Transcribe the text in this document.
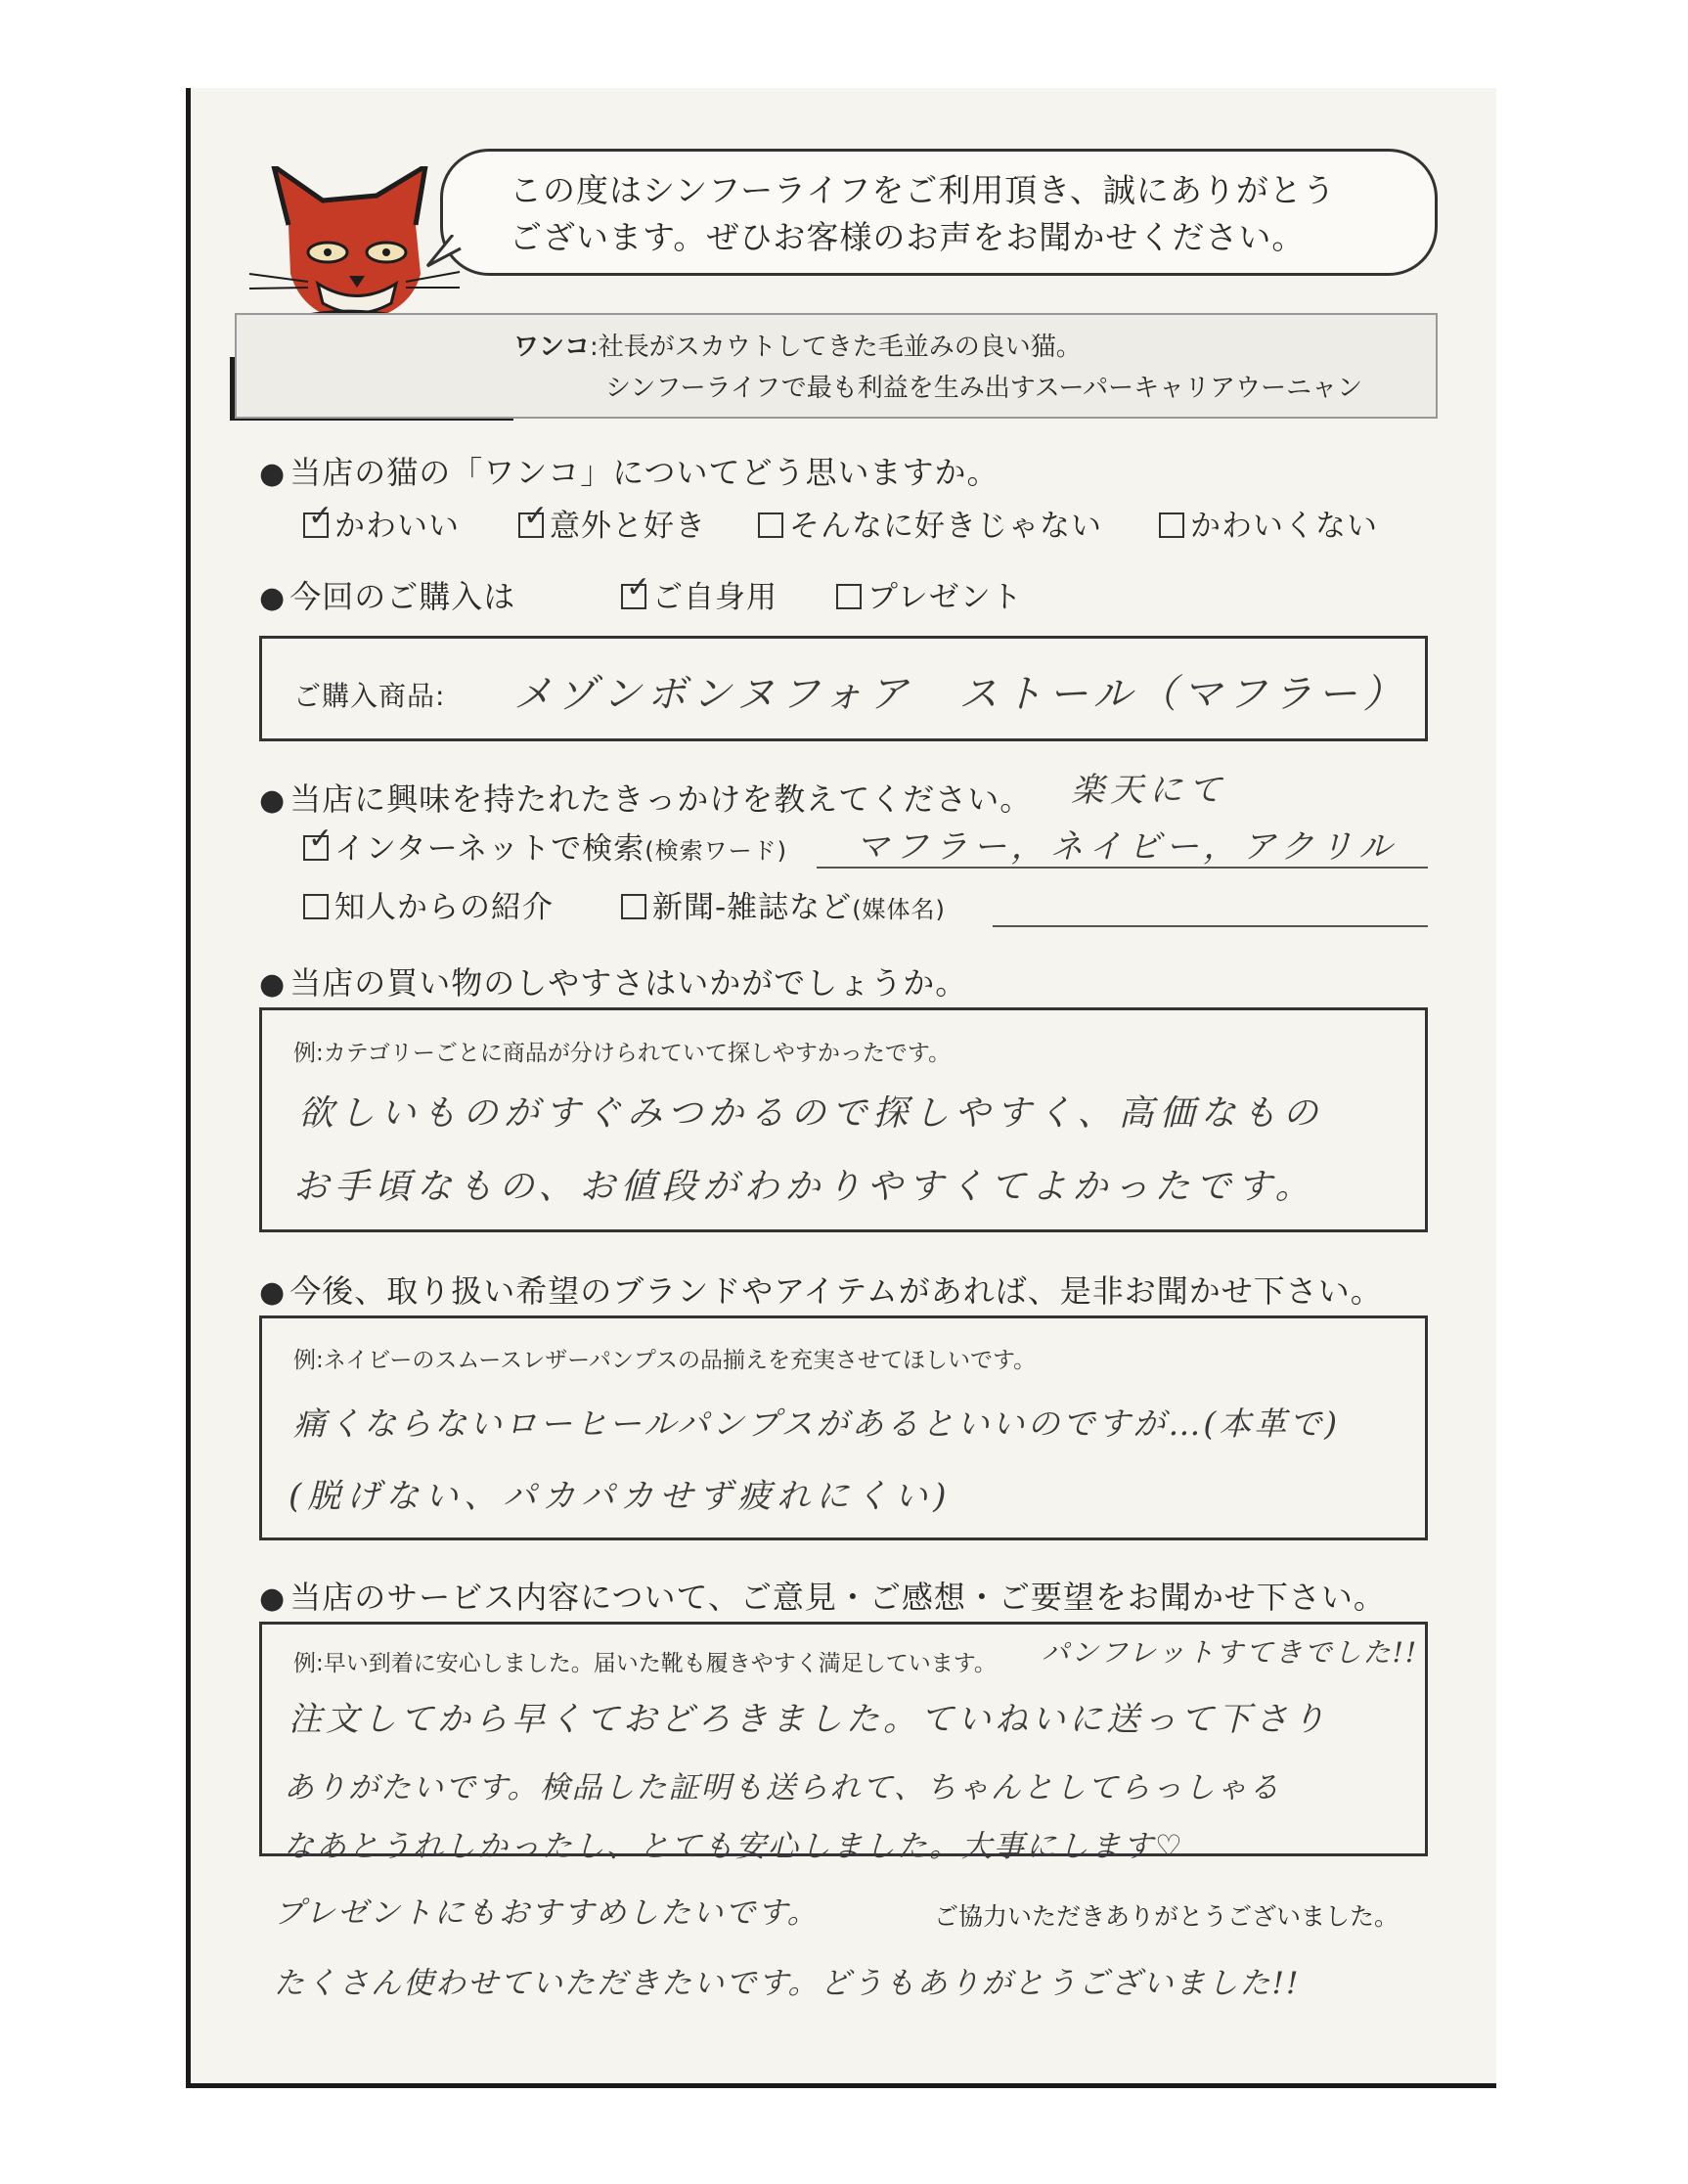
この度はシンフーライフをご利用頂き、誠にありがとう
ございます。ぜひお客様のお声をお聞かせください。
ワンコ:社長がスカウトしてきた毛並みの良い猫。
シンフーライフで最も利益を生み出すスーパーキャリアウーニャン
● 当店の猫の「ワンコ」についてどう思いますか。
✓かわいい ✓	意外と好き	そんなに好きじゃない	かわいくない
● 今回のご購入は ✓	ご自身用	プレゼント
ご購入商品: メゾンボンヌフォア　ストール（マフラー）
● 当店に興味を持たれたきっかけを教えてください。 楽天にて
✓インターネットで検索(検索ワード) マフラー，ネイビー，アクリル
知人からの紹介	新聞-雑誌など(媒体名)
● 当店の買い物のしやすさはいかがでしょうか。
例:カテゴリーごとに商品が分けられていて探しやすかったです。
欲しいものがすぐみつかるので探しやすく、高価なもの
お手頃なもの、お値段がわかりやすくてよかったです。
● 今後、取り扱い希望のブランドやアイテムがあれば、是非お聞かせ下さい。
例:ネイビーのスムースレザーパンプスの品揃えを充実させてほしいです。
痛くならないローヒールパンプスがあるといいのですが…(本革で)
(脱げない、パカパカせず疲れにくい)
● 当店のサービス内容について、ご意見・ご感想・ご要望をお聞かせ下さい。
例:早い到着に安心しました。届いた靴も履きやすく満足しています。 パンフレットすてきでした!!
注文してから早くておどろきました。ていねいに送って下さり
ありがたいです。検品した証明も送られて、ちゃんとしてらっしゃる
なあとうれしかったし、とても安心しました。大事にします♡
プレゼントにもおすすめしたいです。	ご協力いただきありがとうございました。
たくさん使わせていただきたいです。どうもありがとうございました!!
